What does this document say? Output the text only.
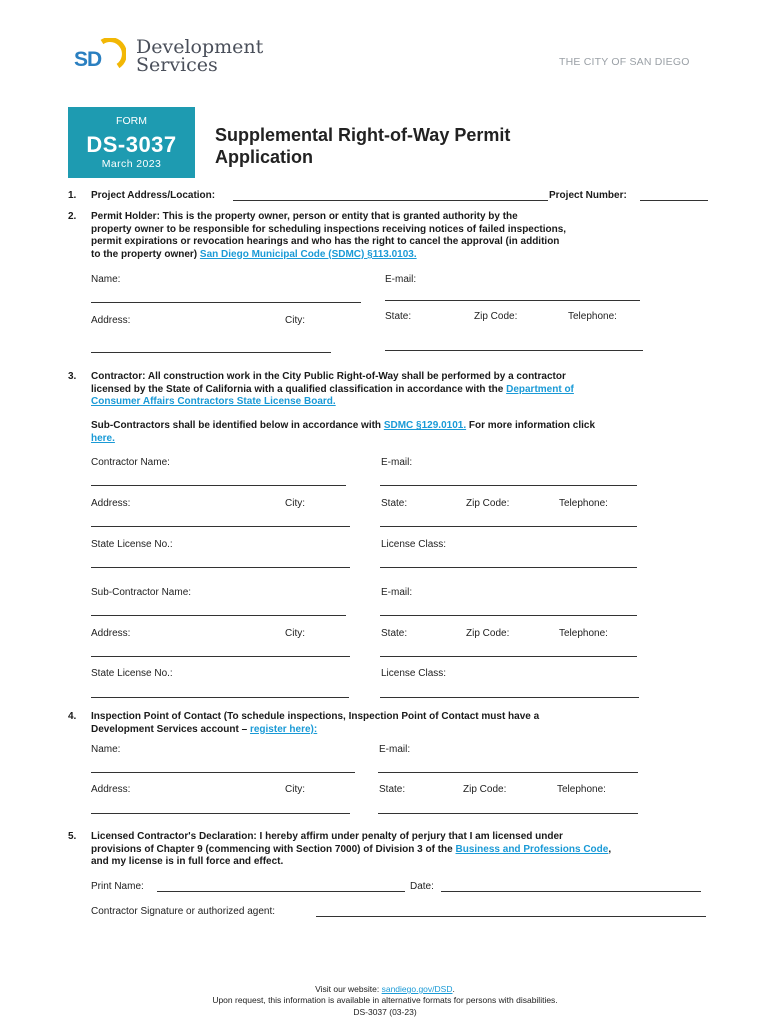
SD
Development
Services	THE CITY OF SAN DIEGO
FORM
DS-3037
March 2023
Supplemental Right-of-Way Permit
Application
1. Project Address/Location:	Project Number:
2. Permit Holder: This is the property owner, person or entity that is granted authority by the
property owner to be responsible for scheduling inspections receiving notices of failed inspections,
permit expirations or revocation hearings and who has the right to cancel the approval (in addition
to the property owner) San Diego Municipal Code (SDMC) §113.0103.
Name:	E-mail:
Address:	City:	State:	Zip Code:	Telephone:
3. Contractor: All construction work in the City Public Right-of-Way shall be performed by a contractor
licensed by the State of California with a qualified classification in accordance with the Department of
Consumer Affairs Contractors State License Board.
Sub-Contractors shall be identified below in accordance with SDMC §129.0101. For more information click
here.
Contractor Name:	E-mail:
Address:	City:	State:	Zip Code:	Telephone:
State License No.:	License Class:
Sub-Contractor Name:	E-mail:
Address:	City:	State:	Zip Code:	Telephone:
State License No.:	License Class:
4. Inspection Point of Contact (To schedule inspections, Inspection Point of Contact must have a
Development Services account – register here):
Name:	E-mail:
Address:	City:	State:	Zip Code:	Telephone:
5. Licensed Contractor's Declaration: I hereby affirm under penalty of perjury that I am licensed under
provisions of Chapter 9 (commencing with Section 7000) of Division 3 of the Business and Professions Code,
and my license is in full force and effect.
Print Name:	Date:
Contractor Signature or authorized agent:
Visit our website: sandiego.gov/DSD.
Upon request, this information is available in alternative formats for persons with disabilities.
DS-3037 (03-23)
